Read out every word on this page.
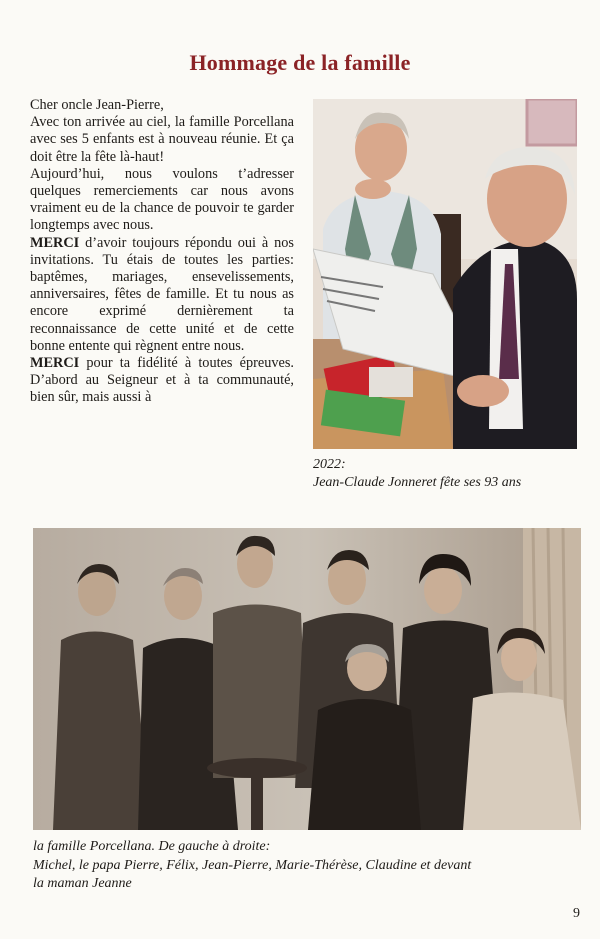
Hommage de la famille

Cher oncle Jean-Pierre,

Avec ton arrivée au ciel, la famille Porcellana avec ses 5 enfants est à nouveau réunie. Et ça doit être la fête là-haut!

Aujourd’hui, nous voulons t’adresser quelques remerciements car nous avons vraiment eu de la chance de pouvoir te garder longtemps avec nous.

MERCI d’avoir toujours répondu oui à nos invitations. Tu étais de toutes les parties: baptêmes, mariages, ensevelissements, anniversaires, fêtes de famille. Et tu nous as encore exprimé dernièrement ta reconnaissance de cette unité et de cette bonne entente qui règnent entre nous.

MERCI pour ta fidélité à toutes épreuves. D’abord au Seigneur et à ta communauté, bien sûr, mais aussi à

2022:
Jean-Claude Jonneret fête ses 93 ans
la famille Porcellana. De gauche à droite:
Michel, le papa Pierre, Félix, Jean-Pierre, Marie-Thérèse, Claudine et devant
la maman Jeanne
9
